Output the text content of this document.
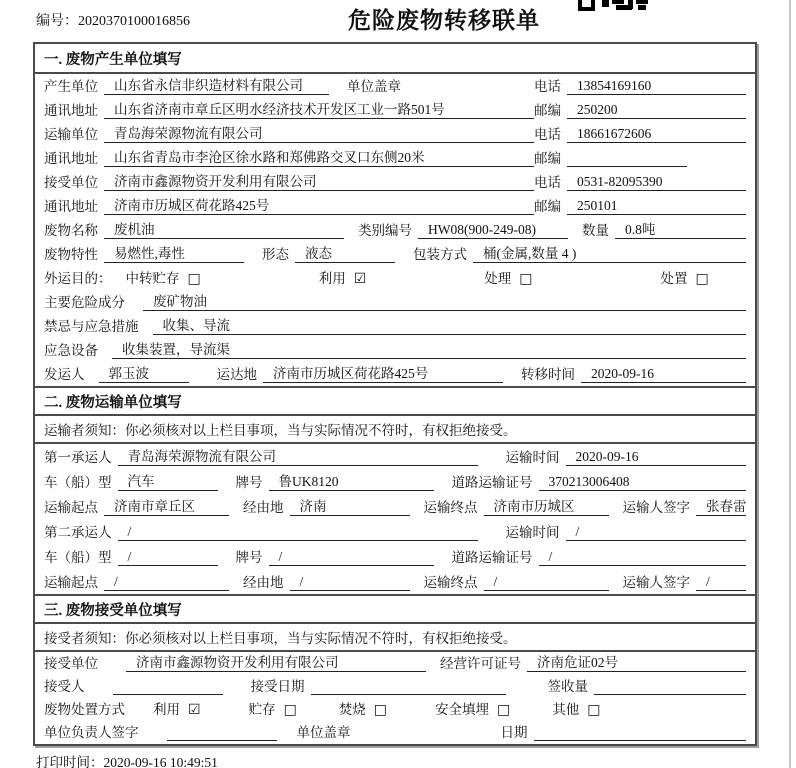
编号：2020370100016856	危险废物转移联单
一. 废物产生单位填写
产生单位	山东省永信非织造材料有限公司	单位盖章	电话	13854169160
通讯地址	山东省济南市章丘区明水经济技术开发区工业一路501号	邮编	250200
运输单位	青岛海荣源物流有限公司	电话	18661672606
通讯地址	山东省青岛市李沧区徐水路和郑佛路交叉口东侧20米	邮编
接受单位	济南市鑫源物资开发利用有限公司	电话	0531-82095390
通讯地址	济南市历城区荷花路425号	邮编	250101
废物名称	废机油	类别编号	HW08(900-249-08)	数量	0.8吨
废物特性	易燃性,毒性	形态	液态	包装方式	桶(金属,数量 4 )
外运目的： 中转贮存 □	利用 ☑	处理 □	处置 □
主要危险成分	废矿物油
禁忌与应急措施	收集、导流
应急设备	收集装置，导流渠
发运人	郭玉波	运达地	济南市历城区荷花路425号	转移时间	2020-09-16
二. 废物运输单位填写
运输者须知：你必须核对以上栏目事项，当与实际情况不符时，有权拒绝接受。
第一承运人	青岛海荣源物流有限公司	运输时间	2020-09-16
车（船）型	汽车	牌号	鲁UK8120	道路运输证号	370213006408
运输起点	济南市章丘区	经由地	济南	运输终点	济南市历城区	运输人签字	张春雷
第二承运人	/	运输时间	/
车（船）型	/	牌号	/	道路运输证号	/
运输起点	/	经由地	/	运输终点	/	运输人签字	/
三. 废物接受单位填写
接受者须知：你必须核对以上栏目事项，当与实际情况不符时，有权拒绝接受。
接受单位	济南市鑫源物资开发利用有限公司	经营许可证号	济南危证02号
接受人	接受日期	签收量
废物处置方式 利用 ☑	贮存 □	焚烧 □	安全填埋 □	其他 □
单位负责人签字	单位盖章	日期
打印时间：2020-09-16 10:49:51
